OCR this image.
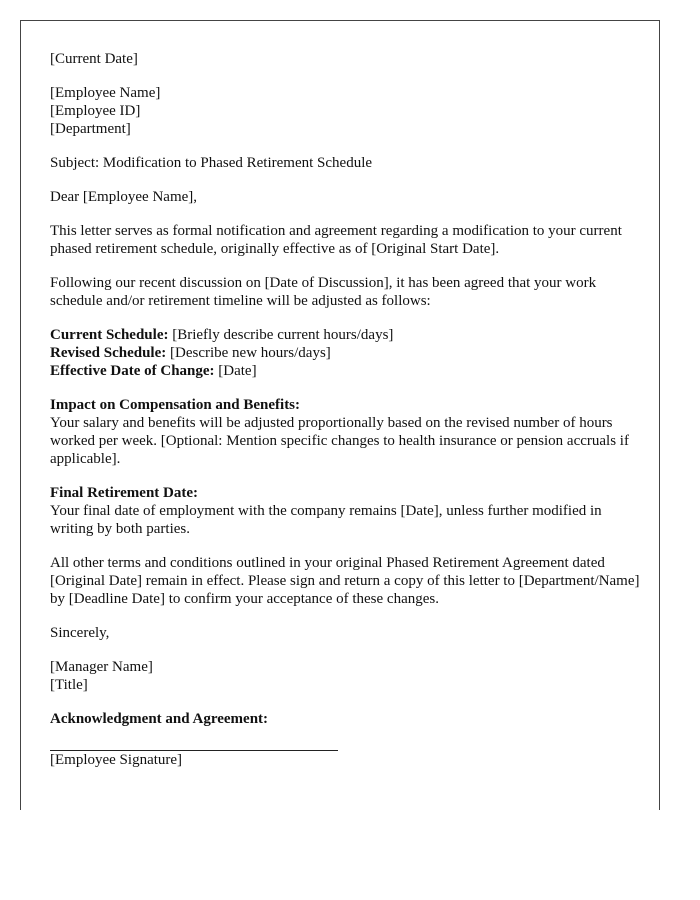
[Current Date]
[Employee Name]
[Employee ID]
[Department]
Subject: Modification to Phased Retirement Schedule
Dear [Employee Name],
This letter serves as formal notification and agreement regarding a modification to your current phased retirement schedule, originally effective as of [Original Start Date].
Following our recent discussion on [Date of Discussion], it has been agreed that your work schedule and/or retirement timeline will be adjusted as follows:
Current Schedule: [Briefly describe current hours/days]
Revised Schedule: [Describe new hours/days]
Effective Date of Change: [Date]
Impact on Compensation and Benefits:
Your salary and benefits will be adjusted proportionally based on the revised number of hours worked per week. [Optional: Mention specific changes to health insurance or pension accruals if applicable].
Final Retirement Date:
Your final date of employment with the company remains [Date], unless further modified in writing by both parties.
All other terms and conditions outlined in your original Phased Retirement Agreement dated [Original Date] remain in effect. Please sign and return a copy of this letter to [Department/Name] by [Deadline Date] to confirm your acceptance of these changes.
Sincerely,
[Manager Name]
[Title]
Acknowledgment and Agreement:
[Employee Signature]
